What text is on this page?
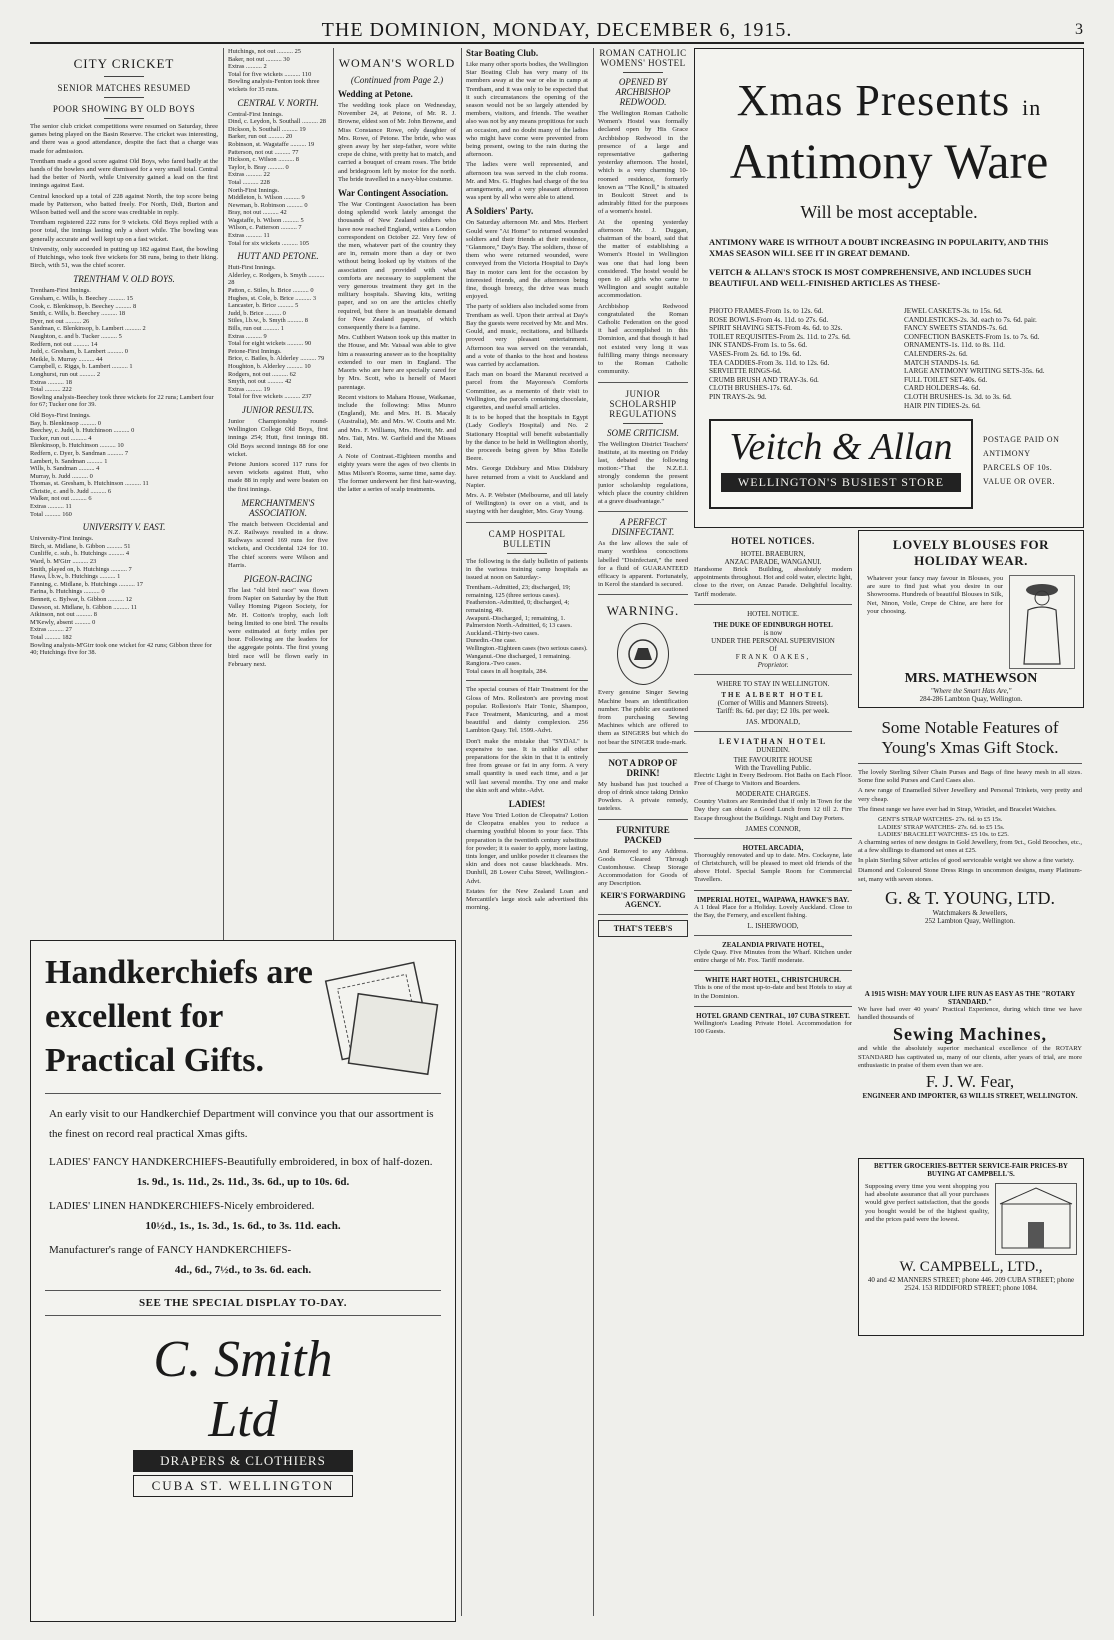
THE DOMINION, MONDAY, DECEMBER 6, 1915.	3
CITY CRICKET
SENIOR MATCHES RESUMED
POOR SHOWING BY OLD BOYS

The senior club cricket competitions were resumed on Saturday, three games being played on the Basin Reserve. The cricket was interesting, and there was a good attendance, despite the fact that a charge was made for admission.

Trentham made a good score against Old Boys, who fared badly at the hands of the bowlers and were dismissed for a very small total. Central had the better of North, while University gained a lead on the first innings against East.

Central knocked up a total of 228 against North, the top score being made by Patterson, who batted freely. For North, Didi, Burton and Wilson batted well and the score was creditable in reply.

Trentham registered 222 runs for 9 wickets. Old Boys replied with a poor total, the innings lasting only a short while. The bowling was generally accurate and well kept up on a fast wicket.

University, only succeeded in putting up 182 against East, the bowling of Hutchings, who took five wickets for 38 runs, being to their liking. Birch, with 51, was the chief scorer.

TRENTHAM V. OLD BOYS.
Trentham-First Innings.
Gresham, c. Wills, b. Beechey .......... 15
Cook, c. Blenkinsop, b. Beechey .......... 8
Smith, c. Wills, b. Beechey .......... 18
Dyer, not out .......... 26
Sandman, c. Blenkinsop, b. Lambert .......... 2
Naughton, c. and b. Tucker .......... 5
Redfern, not out .......... 14
Judd, c. Gresham, b. Lambert .......... 0
Meikle, b. Murray .......... 44
Campbell, c. Riggs, b. Lambert .......... 1
Longhurst, run out .......... 2
Extras .......... 18
Total .......... 222
Bowling analysis-Beechey took three wickets for 22 runs; Lambert four for 67; Tucker one for 39.
Old Boys-First Innings.
Bay, b. Blenkinsop .......... 0
Beechey, c. Judd, b. Hutchinson .......... 0
Tucker, run out .......... 4
Blenkinsop, b. Hutchinson .......... 10
Redfern, c. Dyer, b. Sandman .......... 7
Lambert, b. Sandman .......... 1
Wills, b. Sandman .......... 4
Murray, b. Judd .......... 0
Thomas, st. Gresham, b. Hutchinson .......... 11
Christie, c. and b. Judd .......... 6
Walker, not out .......... 6
Extras .......... 11
Total .......... 160
UNIVERSITY V. EAST.
University-First Innings.
Birch, st. Midlane, b. Gibbon .......... 51
Cunliffe, c. sub., b. Hutchings .......... 4
Ward, b. M'Girr .......... 23
Smith, played on, b. Hutchings .......... 7
Hawa, l.b.w., b. Hutchings .......... 1
Fanning, c. Midlane, b. Hutchings .......... 17
Farina, b. Hutchings .......... 0
Bennett, c. Bylwar, b. Gibbon .......... 12
Dawson, st. Midlane, b. Gibbon .......... 11
Atkinson, not out .......... 8
M'Kewly, absent .......... 0
Extras .......... 27
Total .......... 182
Bowling analysis-M'Girr took one wicket for 42 runs; Gibbon three for 40; Hutchings five for 38.
Hutchings, not out .......... 25
Baker, not out .......... 30
Extras .......... 2
Total for five wickets .......... 110
Bowling analysis-Fenton took three wickets for 35 runs.
CENTRAL V. NORTH.
Central-First Innings.
Dind, c. Leydon, b. Southall .......... 28
Dickson, b. Southall .......... 19
Barker, run out .......... 20
Robinson, st. Wagstaffe .......... 19
Patterson, not out .......... 77
Hickson, c. Wilson .......... 8
Taylor, b. Bray .......... 0
Extras .......... 22
Total .......... 228
North-First Innings.
Middleton, b. Wilson .......... 9
Newman, b. Robinson .......... 0
Bray, not out .......... 42
Wagstaffe, b. Wilson .......... 5
Wilson, c. Patterson .......... 7
Extras .......... 11
Total for six wickets .......... 105
HUTT AND PETONE.
Hutt-First Innings.
Alderley, c. Rodgers, b. Smyth .......... 28
Patton, c. Stiles, b. Brice .......... 0
Hughes, st. Cole, b. Brice .......... 3
Lancaster, b. Brice .......... 5
Judd, b. Brice .......... 0
Stiles, l.b.w., b. Smyth .......... 8
Bills, run out .......... 1
Extras .......... 9
Total for eight wickets .......... 90
Petone-First Innings.
Brice, c. Bailes, b. Alderley .......... 79
Houghton, b. Alderley .......... 10
Rodgers, not out .......... 62
Smyth, not out .......... 42
Extras .......... 19
Total for five wickets .......... 237
JUNIOR RESULTS.

Junior Championship round-Wellington College Old Boys, first innings 254; Hutt, first innings 88. Old Boys second innings 88 for one wicket.

Petone Juniors scored 117 runs for seven wickets against Hutt, who made 88 in reply and were beaten on the first innings.

MERCHANTMEN'S ASSOCIATION.

The match between Occidental and N.Z. Railways resulted in a draw. Railways scored 169 runs for five wickets, and Occidental 124 for 10. The chief scorers were Wilson and Harris.

PIGEON-RACING

The last "old bird race" was flown from Napier on Saturday by the Hutt Valley Homing Pigeon Society, for Mr. H. Cotton's trophy, each loft being limited to one bird. The results were estimated at forty miles per hour. Following are the leaders for the aggregate points. The first young bird race will be flown early in February next.

WOMAN'S WORLD
(Continued from Page 2.)
Wedding at Petone.

The wedding took place on Wednesday, November 24, at Petone, of Mr. R. J. Browne, eldest son of Mr. John Browne, and Miss Constance Rowe, only daughter of Mrs. Rowe, of Petone. The bride, who was given away by her step-father, wore white crepe de chine, with pretty hat to match, and carried a bouquet of cream roses. The bride and bridegroom left by motor for the north. The bride travelled in a navy-blue costume.

War Contingent Association.

The War Contingent Association has been doing splendid work lately amongst the thousands of New Zealand soldiers who have now reached England, writes a London correspondent on October 22. Very few of the men, whatever part of the country they are in, remain more than a day or two without being looked up by visitors of the association and provided with what comforts are necessary to supplement the very generous treatment they get in the military hospitals. Shaving kits, writing paper, and so on are the articles chiefly required, but there is an insatiable demand for New Zealand papers, of which consequently there is a famine.

Mrs. Cuthbert Watson took up this matter in the House, and Mr. Vaissal was able to give him a reassuring answer as to the hospitality extended to our men in England. The Maoris who are here are specially cared for by Mrs. Scott, who is herself of Maori parentage.

Recent visitors to Mahara House, Waikanae, include the following: Miss Munro (England), Mr. and Mrs. H. B. Macaly (Australia), Mr. and Mrs. W. Coutts and Mr. and Mrs. F. Williams, Mrs. Hewitt, Mr. and Mrs. Tait, Mrs. W. Garfield and the Misses Reid.

A Note of Contrast.-Eighteen months and eighty years were the ages of two clients in Miss Milson's Rooms, same time, same day. The former underwent her first hair-waving, the latter a series of scalp treatments.

Star Boating Club.

Like many other sports bodies, the Wellington Star Boating Club has very many of its members away at the war or else in camp at Trentham, and it was only to be expected that it such circumstances the opening of the season would not be so largely attended by members, visitors, and friends. The weather also was not by any means propitious for such an occasion, and no doubt many of the ladies who might have come were prevented from being present, owing to the rain during the afternoon.

The ladies were well represented, and afternoon tea was served in the club rooms. Mr. and Mrs. G. Hughes had charge of the tea arrangements, and a very pleasant afternoon was spent by all who were able to attend.

A Soldiers' Party.

On Saturday afternoon Mr. and Mrs. Herbert Gould were "At Home" to returned wounded soldiers and their friends at their residence, "Glanmore," Day's Bay. The soldiers, those of them who were returned wounded, were conveyed from the Victoria Hospital to Day's Bay in motor cars lent for the occasion by interested friends, and the afternoon being fine, though breezy, the drive was much enjoyed.

The party of soldiers also included some from Trentham as well. Upon their arrival at Day's Bay the guests were received by Mr. and Mrs. Gould, and music, recitations, and billiards proved very pleasant entertainment. Afternoon tea was served on the verandah, and a vote of thanks to the host and hostess was carried by acclamation.

Each man on board the Maranui received a parcel from the Mayoress's Comforts Committee, as a memento of their visit to Wellington, the parcels containing chocolate, cigarettes, and useful small articles.

It is to be hoped that the hospitals in Egypt (Lady Godley's Hospital) and No. 2 Stationary Hospital will benefit substantially by the dance to be held in Wellington shortly, the proceeds being given by Miss Estelle Beere.

Mrs. George Didsbury and Miss Didsbury have returned from a visit to Auckland and Napier.

Mrs. A. P. Webster (Melbourne, and till lately of Wellington) is over on a visit, and is staying with her daughter, Mrs. Gray Young.

CAMP HOSPITAL BULLETIN

The following is the daily bulletin of patients in the various training camp hospitals as issued at noon on Saturday:-

Trentham.-Admitted, 23; discharged, 19; remaining, 125 (three serious cases).
Featherston.-Admitted, 0; discharged, 4; remaining, 49.
Awapuni.-Discharged, 1; remaining, 1.
Palmerston North.-Admitted, 6; 13 cases.
Auckland.-Thirty-two cases.
Dunedin.-One case.
Wellington.-Eighteen cases (two serious cases).
Wanganui.-One discharged, 1 remaining.
Rangiora.-Two cases.
Total cases in all hospitals, 284.

The special courses of Hair Treatment for the Gloss of Mrs. Rolleston's are proving most popular. Rolleston's Hair Tonic, Shampoo, Face Treatment, Manicuring, and a most beautiful and dainty complexion. 256 Lambton Quay. Tel. 1599.-Advt.

Don't make the mistake that "SYDAL" is expensive to use. It is unlike all other preparations for the skin in that it is entirely free from grease or fat in any form. A very small quantity is used each time, and a jar will last several months. Try one and make the skin soft and white.-Advt.

LADIES!

Have You Tried Lotion de Cleopatra? Lotion de Cleopatra enables you to reduce a charming youthful bloom to your face. This preparation is the twentieth century substitute for powder; it is easier to apply, more lasting, tints longer, and unlike powder it cleanses the skin and does not cause blackheads. Mrs. Dunhill, 28 Lower Cuba Street, Wellington.-Advt.

Estates for the New Zealand Loan and Mercantile's large stock sale advertised this morning.

ROMAN CATHOLIC WOMENS' HOSTEL
OPENED BY ARCHBISHOP REDWOOD.

The Wellington Roman Catholic Women's Hostel was formally declared open by His Grace Archbishop Redwood in the presence of a large and representative gathering yesterday afternoon. The hostel, which is a very charming 10-roomed residence, formerly known as "The Knoll," is situated in Boulcott Street and is admirably fitted for the purposes of a women's hostel.

At the opening yesterday afternoon Mr. J. Duggan, chairman of the board, said that the matter of establishing a Women's Hostel in Wellington was one that had long been considered. The hostel would be open to all girls who came to Wellington and sought suitable accommodation.

Archbishop Redwood congratulated the Roman Catholic Federation on the good it had accomplished in this Dominion, and that though it had not existed very long it was fulfilling many things necessary to the Roman Catholic community.

JUNIOR SCHOLARSHIP REGULATIONS
SOME CRITICISM.

The Wellington District Teachers' Institute, at its meeting on Friday last, debated the following motion:-"That the N.Z.E.I. strongly condemn the present junior scholarship regulations, which place the country children at a grave disadvantage."

A PERFECT DISINFECTANT.

As the law allows the sale of many worthless concoctions labelled "Disinfectant," the need for a fluid of GUARANTEED efficacy is apparent. Fortunately, in Kerol the standard is secured.

WARNING.

Every genuine Singer Sewing Machine bears an identification number. The public are cautioned from purchasing Sewing Machines which are offered to them as SINGERS but which do not bear the SINGER trade-mark.

NOT A DROP OF DRINK!

My husband has just touched a drop of drink since taking Drinko Powders. A private remedy, tasteless.

FURNITURE PACKED

And Removed to any Address. Goods Cleared Through Customhouse. Cheap Storage Accommodation for Goods of any Description.

KEIR'S FORWARDING AGENCY.
THAT'S TEEB'S
Xmas Presents in
Antimony Ware
Will be most acceptable.
ANTIMONY WARE IS WITHOUT A DOUBT INCREASING IN POPULARITY, AND THIS XMAS SEASON WILL SEE IT IN GREAT DEMAND.
VEITCH & ALLAN'S STOCK IS MOST COMPREHENSIVE, AND INCLUDES SUCH BEAUTIFUL AND WELL-FINISHED ARTICLES AS THESE-
PHOTO FRAMES-From 1s. to 12s. 6d.
ROSE BOWLS-From 4s. 11d. to 27s. 6d.
SPIRIT SHAVING SETS-From 4s. 6d. to 32s.
TOILET REQUISITES-From 2s. 11d. to 27s. 6d.
INK STANDS-From 1s. to 5s. 6d.
VASES-From 2s. 6d. to 19s. 6d.
TEA CADDIES-From 3s. 11d. to 12s. 6d.
SERVIETTE RINGS-6d.
CRUMB BRUSH AND TRAY-3s. 6d.
CLOTH BRUSHES-17s. 6d.
PIN TRAYS-2s. 9d.
JEWEL CASKETS-3s. to 15s. 6d.
CANDLESTICKS-2s. 3d. each to 7s. 6d. pair.
FANCY SWEETS STANDS-7s. 6d.
CONFECTION BASKETS-From 1s. to 7s. 6d.
ORNAMENTS-1s. 11d. to 8s. 11d.
CALENDERS-2s. 6d.
MATCH STANDS-1s. 6d.
LARGE ANTIMONY WRITING SETS-35s. 6d.
FULL TOILET SET-40s. 6d.
CARD HOLDERS-4s. 6d.
CLOTH BRUSHES-1s. 3d. to 3s. 6d.
HAIR PIN TIDIES-2s. 6d.
Veitch & Allan
WELLINGTON'S BUSIEST STORE
POSTAGE PAID ON ANTIMONY PARCELS OF 10s. VALUE OR OVER.
HOTEL NOTICES.
HOTEL BRAEBURN,
ANZAC PARADE, WANGANUI.

Handsome Brick Building, absolutely modern appointments throughout. Hot and cold water, electric light, close to the river, on Anzac Parade. Delightful locality. Tariff moderate.

HOTEL NOTICE.
THE DUKE OF EDINBURGH HOTEL
is now
UNDER THE PERSONAL SUPERVISION
Of
FRANK OAKES,
Proprietor.
WHERE TO STAY IN WELLINGTON.
THE ALBERT HOTEL
(Corner of Willis and Manners Streets).
Tariff: 8s. 6d. per day; £2 10s. per week.
JAS. M'DONALD,
LEVIATHAN HOTEL
DUNEDIN.
THE FAVOURITE HOUSE
With the Travelling Public.

Electric Light in Every Bedroom. Hot Baths on Each Floor. Free of Charge to Visitors and Boarders.

MODERATE CHARGES.

Country Visitors are Reminded that if only in Town for the Day they can obtain a Good Lunch from 12 till 2. Fire Escape throughout the Buildings. Night and Day Porters.

JAMES CONNOR,
HOTEL ARCADIA,

Thoroughly renovated and up to date. Mrs. Cockayne, late of Christchurch, will be pleased to meet old friends of the above Hotel. Special Sample Room for Commercial Travellers.

IMPERIAL HOTEL, WAIPAWA, HAWKE'S BAY.

A 1 Ideal Place for a Holiday. Lovely Auckland. Close to the Bay, the Fernery, and excellent fishing.

L. ISHERWOOD,
ZEALANDIA PRIVATE HOTEL,

Clyde Quay. Five Minutes from the Wharf. Kitchen under entire charge of Mr. Fox. Tariff moderate.

WHITE HART HOTEL, CHRISTCHURCH.

This is one of the most up-to-date and best Hotels to stay at in the Dominion.

HOTEL GRAND CENTRAL, 107 CUBA STREET.

Wellington's Leading Private Hotel. Accommodation for 100 Guests.

LOVELY BLOUSES FOR HOLIDAY WEAR.

Whatever your fancy may favour in Blouses, you are sure to find just what you desire in our Showrooms. Hundreds of beautiful Blouses in Silk, Net, Ninon, Voile, Crepe de Chine, are here for your choosing.

MRS. MATHEWSON
"Where the Smart Hats Are,"
284-286 Lambton Quay, Wellington.
Some Notable Features of
Young's Xmas Gift Stock.

The lovely Sterling Silver Chain Purses and Bags of fine heavy mesh in all sizes. Some fine solid Purses and Card Cases also.

A new range of Enamelled Silver Jewellery and Personal Trinkets, very pretty and very cheap.

The finest range we have ever had in Strap, Wristlet, and Bracelet Watches.

GENT'S STRAP WATCHES- 27s. 6d. to £5 15s.
LADIES' STRAP WATCHES- 27s. 6d. to £5 15s.
LADIES' BRACELET WATCHES- £5 10s. to £25.

A charming series of new designs in Gold Jewellery, from 9ct., Gold Brooches, etc., at a few shillings to diamond set ones at £25.

In plain Sterling Silver articles of good serviceable weight we show a fine variety.

Diamond and Coloured Stone Dress Rings in uncommon designs, many Platinum-set, many with seven stones.

G. & T. YOUNG, LTD.
Watchmakers & Jewellers,
252 Lambton Quay, Wellington.
A 1915 WISH: MAY YOUR LIFE RUN AS EASY AS THE "ROTARY STANDARD."

We have had over 40 years' Practical Experience, during which time we have handled thousands of

Sewing Machines,

and while the absolutely superior mechanical excellence of the ROTARY STANDARD has captivated us, many of our clients, after years of trial, are more enthusiastic in praise of them even than we are.

F. J. W. Fear,
ENGINEER AND IMPORTER, 63 WILLIS STREET, WELLINGTON.
BETTER GROCERIES-BETTER SERVICE-FAIR PRICES-BY BUYING AT CAMPBELL'S.

Supposing every time you went shopping you had absolute assurance that all your purchases would give perfect satisfaction, that the goods you bought would be of the highest quality, and the prices paid were the lowest.

W. CAMPBELL, LTD.,
40 and 42 MANNERS STREET; phone 446. 209 CUBA STREET; phone 2524. 153 RIDDIFORD STREET; phone 1084.
Handkerchiefs are
excellent for
Practical Gifts.

An early visit to our Handkerchief Department will convince you that our assortment is the finest on record real practical Xmas gifts.

LADIES' FANCY HANDKERCHIEFS-Beautifully embroidered, in box of half-dozen.

1s. 9d., 1s. 11d., 2s. 11d., 3s. 6d., up to 10s. 6d.

LADIES' LINEN HANDKERCHIEFS-Nicely embroidered.

10½d., 1s., 1s. 3d., 1s. 6d., to 3s. 11d. each.

Manufacturer's range of FANCY HANDKERCHIEFS-

4d., 6d., 7½d., to 3s. 6d. each.
SEE THE SPECIAL DISPLAY TO-DAY.
C. Smith Ltd
DRAPERS & CLOTHIERS
CUBA ST. WELLINGTON
